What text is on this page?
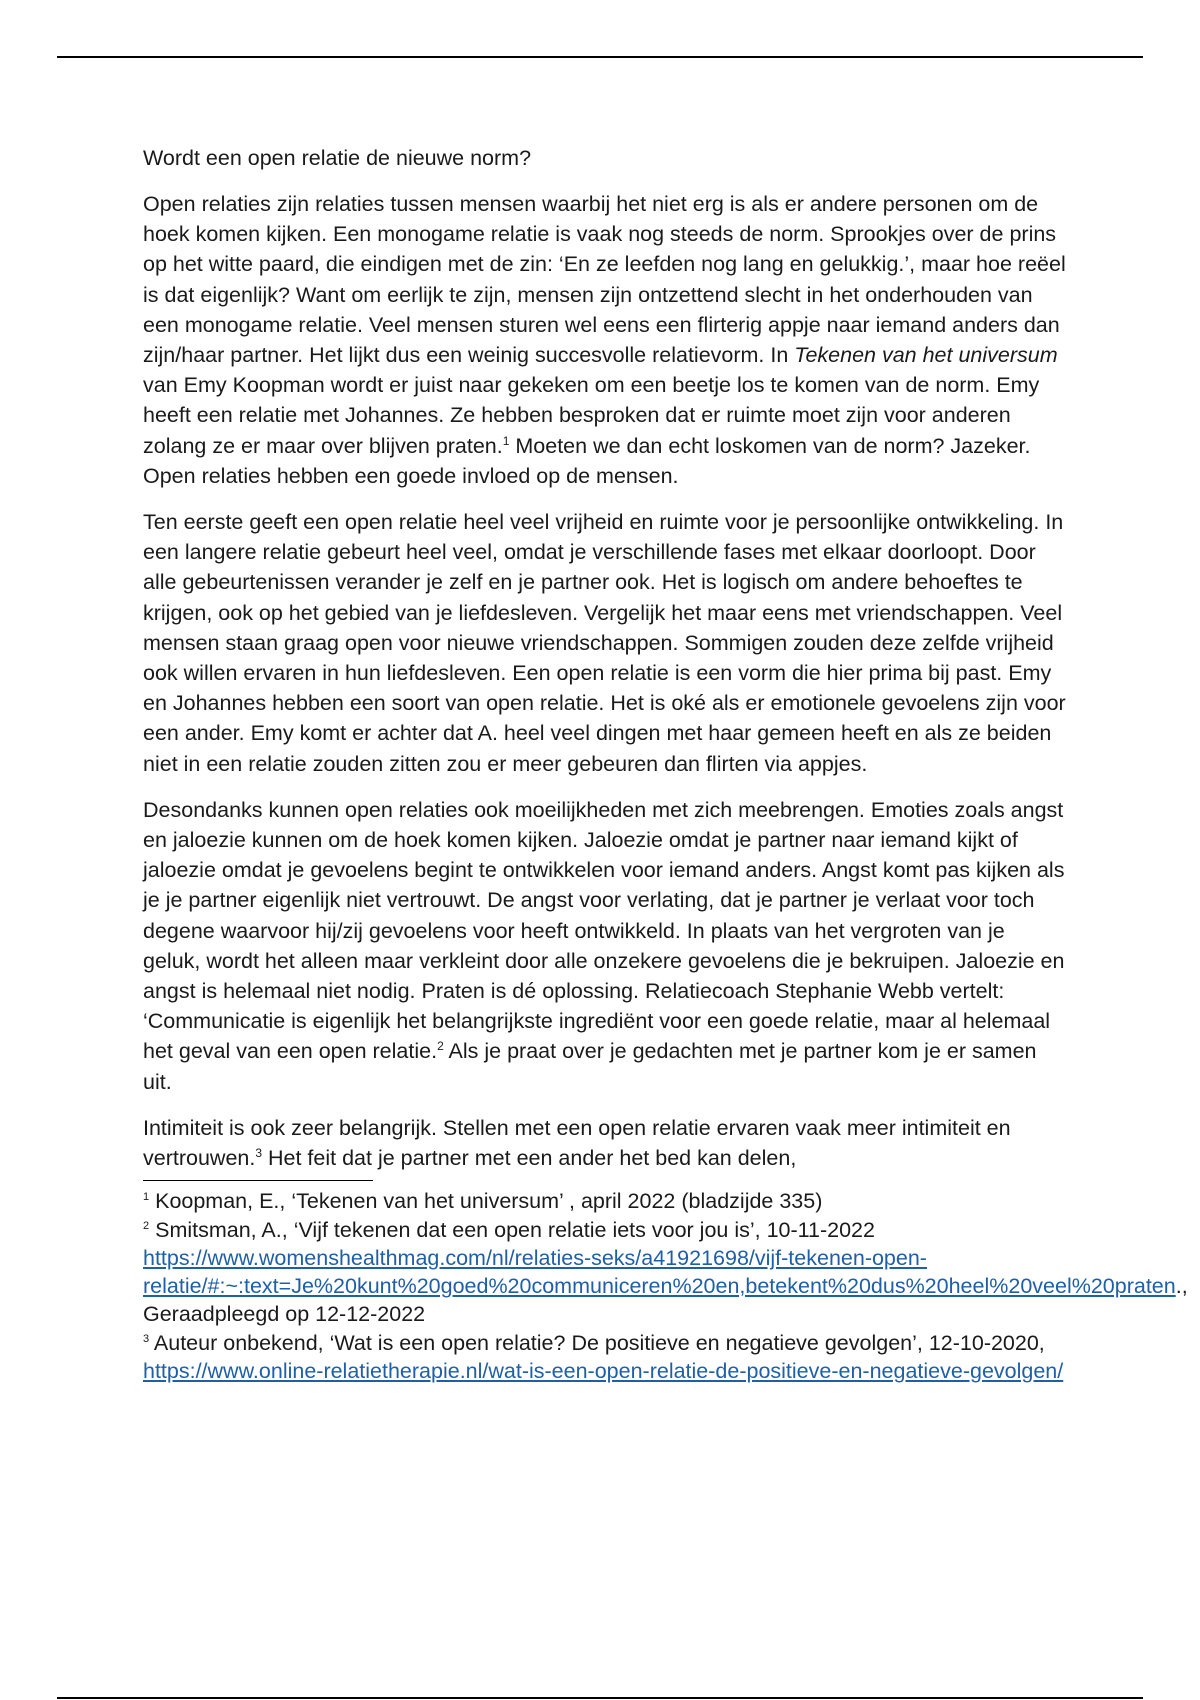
Wordt een open relatie de nieuwe norm?

Open relaties zijn relaties tussen mensen waarbij het niet erg is als er andere personen om de hoek komen kijken. Een monogame relatie is vaak nog steeds de norm. Sprookjes over de prins op het witte paard, die eindigen met de zin: ‘En ze leefden nog lang en gelukkig.’, maar hoe reëel is dat eigenlijk? Want om eerlijk te zijn, mensen zijn ontzettend slecht in het onderhouden van een monogame relatie. Veel mensen sturen wel eens een flirterig appje naar iemand anders dan zijn/haar partner. Het lijkt dus een weinig succesvolle relatievorm. In Tekenen van het universum van Emy Koopman wordt er juist naar gekeken om een beetje los te komen van de norm. Emy heeft een relatie met Johannes. Ze hebben besproken dat er ruimte moet zijn voor anderen zolang ze er maar over blijven praten.$^1$ Moeten we dan echt loskomen van de norm? Jazeker. Open relaties hebben een goede invloed op de mensen.

Ten eerste geeft een open relatie heel veel vrijheid en ruimte voor je persoonlijke ontwikkeling. In een langere relatie gebeurt heel veel, omdat je verschillende fases met elkaar doorloopt. Door alle gebeurtenissen verander je zelf en je partner ook. Het is logisch om andere behoeftes te krijgen, ook op het gebied van je liefdesleven. Vergelijk het maar eens met vriendschappen. Veel mensen staan graag open voor nieuwe vriendschappen. Sommigen zouden deze zelfde vrijheid ook willen ervaren in hun liefdesleven. Een open relatie is een vorm die hier prima bij past. Emy en Johannes hebben een soort van open relatie. Het is oké als er emotionele gevoelens zijn voor een ander. Emy komt er achter dat A. heel veel dingen met haar gemeen heeft en als ze beiden niet in een relatie zouden zitten zou er meer gebeuren dan flirten via appjes.

Desondanks kunnen open relaties ook moeilijkheden met zich meebrengen. Emoties zoals angst en jaloezie kunnen om de hoek komen kijken. Jaloezie omdat je partner naar iemand kijkt of jaloezie omdat je gevoelens begint te ontwikkelen voor iemand anders. Angst komt pas kijken als je je partner eigenlijk niet vertrouwt. De angst voor verlating, dat je partner je verlaat voor toch degene waarvoor hij/zij gevoelens voor heeft ontwikkeld. In plaats van het vergroten van je geluk, wordt het alleen maar verkleint door alle onzekere gevoelens die je bekruipen. Jaloezie en angst is helemaal niet nodig. Praten is dé oplossing. Relatiecoach Stephanie Webb vertelt: ‘Communicatie is eigenlijk het belangrijkste ingrediënt voor een goede relatie, maar al helemaal het geval van een open relatie.$^2$ Als je praat over je gedachten met je partner kom je er samen uit.

Intimiteit is ook zeer belangrijk. Stellen met een open relatie ervaren vaak meer intimiteit en vertrouwen.$^3$ Het feit dat je partner met een ander het bed kan delen,

$^1$ Koopman, E., ‘Tekenen van het universum’ , april 2022 (bladzijde 335)
$^2$ Smitsman, A., ‘Vijf tekenen dat een open relatie iets voor jou is’, 10-11-2022 https://www.womenshealthmag.com/nl/relaties-seks/a41921698/vijf-tekenen-open-relatie/#:~:text=Je%20kunt%20goed%20communiceren%20en,betekent%20dus%20heel%20veel%20praten., Geraadpleegd op 12-12-2022
$^3$ Auteur onbekend, ‘Wat is een open relatie? De positieve en negatieve gevolgen’, 12-10-2020, https://www.online-relatietherapie.nl/wat-is-een-open-relatie-de-positieve-en-negatieve-gevolgen/
